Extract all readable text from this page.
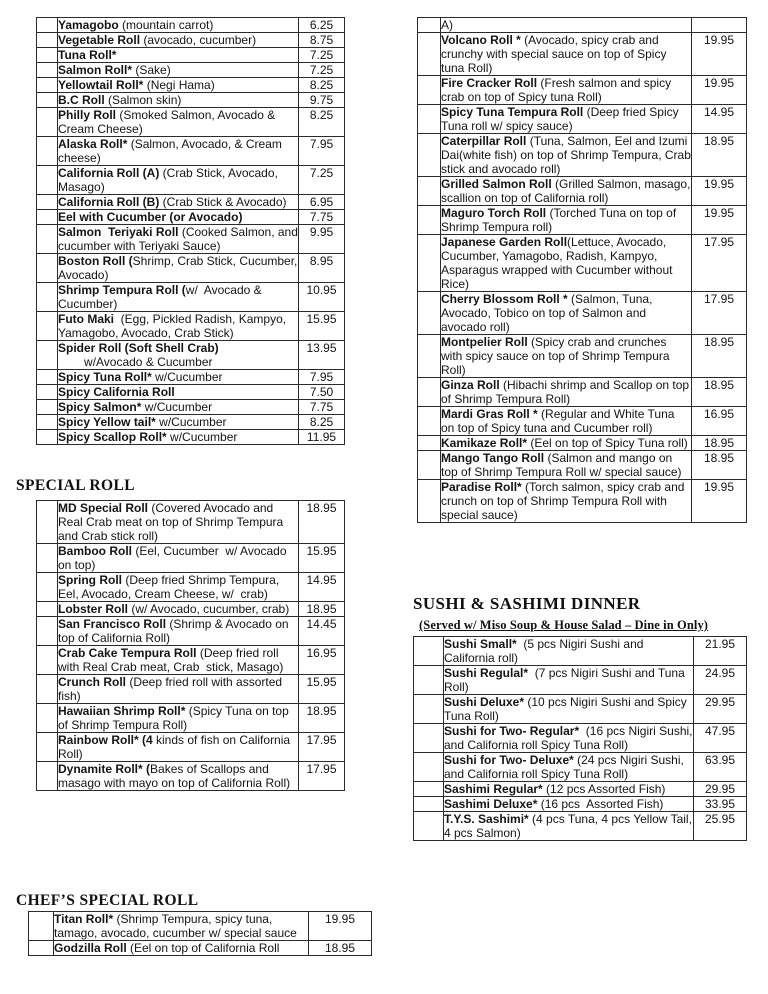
	Yamagobo (mountain carrot)	6.25
	Vegetable Roll (avocado, cucumber)	8.75
	Tuna Roll*	7.25
	Salmon Roll* (Sake)	7.25
	Yellowtail Roll* (Negi Hama)	8.25
	B.C Roll (Salmon skin)	9.75
	Philly Roll (Smoked Salmon, Avocado & Cream Cheese)	8.25
	Alaska Roll* (Salmon, Avocado, & Cream cheese)	7.95
	California Roll (A) (Crab Stick, Avocado, Masago)	7.25
	California Roll (B) (Crab Stick & Avocado)	6.95
	Eel with Cucumber (or Avocado)	7.75
	Salmon  Teriyaki Roll (Cooked Salmon, and cucumber with Teriyaki Sauce)	9.95
	Boston Roll (Shrimp, Crab Stick, Cucumber, Avocado)	8.95
	Shrimp Tempura Roll (w/  Avocado & Cucumber)	10.95
	Futo Maki  (Egg, Pickled Radish, Kampyo, Yamagobo, Avocado, Crab Stick)	15.95
	Spider Roll (Soft Shell Crab)
w/Avocado & Cucumber	13.95
	Spicy Tuna Roll* w/Cucumber	7.95
	Spicy California Roll	7.50
	Spicy Salmon* w/Cucumber	7.75
	Spicy Yellow tail* w/Cucumber	8.25
	Spicy Scallop Roll* w/Cucumber	11.95
SPECIAL ROLL
	MD Special Roll (Covered Avocado and Real Crab meat on top of Shrimp Tempura and Crab stick roll)	18.95
	Bamboo Roll (Eel, Cucumber  w/ Avocado on top)	15.95
	Spring Roll (Deep fried Shrimp Tempura, Eel, Avocado, Cream Cheese, w/  crab)	14.95
	Lobster Roll (w/ Avocado, cucumber, crab)	18.95
	San Francisco Roll (Shrimp & Avocado on top of California Roll)	14.45
	Crab Cake Tempura Roll (Deep fried roll with Real Crab meat, Crab  stick, Masago)	16.95
	Crunch Roll (Deep fried roll with assorted fish)	15.95
	Hawaiian Shrimp Roll* (Spicy Tuna on top of Shrimp Tempura Roll)	18.95
	Rainbow Roll* (4 kinds of fish on California Roll)	17.95
	Dynamite Roll* (Bakes of Scallops and masago with mayo on top of California Roll)	17.95
CHEF’S SPECIAL ROLL
	Titan Roll* (Shrimp Tempura, spicy tuna, tamago, avocado, cucumber w/ special sauce	19.95
	Godzilla Roll (Eel on top of California Roll	18.95
	A)	
	Volcano Roll * (Avocado, spicy crab and crunchy with special sauce on top of Spicy tuna Roll)	19.95
	Fire Cracker Roll (Fresh salmon and spicy crab on top of Spicy tuna Roll)	19.95
	Spicy Tuna Tempura Roll (Deep fried Spicy Tuna roll w/ spicy sauce)	14.95
	Caterpillar Roll (Tuna, Salmon, Eel and Izumi Dai(white fish) on top of Shrimp Tempura, Crab stick and avocado roll)	18.95
	Grilled Salmon Roll (Grilled Salmon, masago, scallion on top of California roll)	19.95
	Maguro Torch Roll (Torched Tuna on top of Shrimp Tempura roll)	19.95
	Japanese Garden Roll(Lettuce, Avocado, Cucumber, Yamagobo, Radish, Kampyo, Asparagus wrapped with Cucumber without Rice)	17.95
	Cherry Blossom Roll * (Salmon, Tuna, Avocado, Tobico on top of Salmon and avocado roll)	17.95
	Montpelier Roll (Spicy crab and crunches with spicy sauce on top of Shrimp Tempura Roll)	18.95
	Ginza Roll (Hibachi shrimp and Scallop on top of Shrimp Tempura Roll)	18.95
	Mardi Gras Roll * (Regular and White Tuna on top of Spicy tuna and Cucumber roll)	16.95
	Kamikaze Roll* (Eel on top of Spicy Tuna roll)	18.95
	Mango Tango Roll (Salmon and mango on top of Shrimp Tempura Roll w/ special sauce)	18.95
	Paradise Roll* (Torch salmon, spicy crab and crunch on top of Shrimp Tempura Roll with special sauce)	19.95
SUSHI & SASHIMI DINNER
(Served w/ Miso Soup & House Salad – Dine in Only)
	Sushi Small*  (5 pcs Nigiri Sushi and California roll)	21.95
	Sushi Regulal*  (7 pcs Nigiri Sushi and Tuna Roll)	24.95
	Sushi Deluxe* (10 pcs Nigiri Sushi and Spicy Tuna Roll)	29.95
	Sushi for Two- Regular*  (16 pcs Nigiri Sushi, and California roll Spicy Tuna Roll)	47.95
	Sushi for Two- Deluxe* (24 pcs Nigiri Sushi, and California roll Spicy Tuna Roll)	63.95
	Sashimi Regular* (12 pcs Assorted Fish)	29.95
	Sashimi Deluxe* (16 pcs  Assorted Fish)	33.95
	T.Y.S. Sashimi* (4 pcs Tuna, 4 pcs Yellow Tail, 4 pcs Salmon)	25.95
